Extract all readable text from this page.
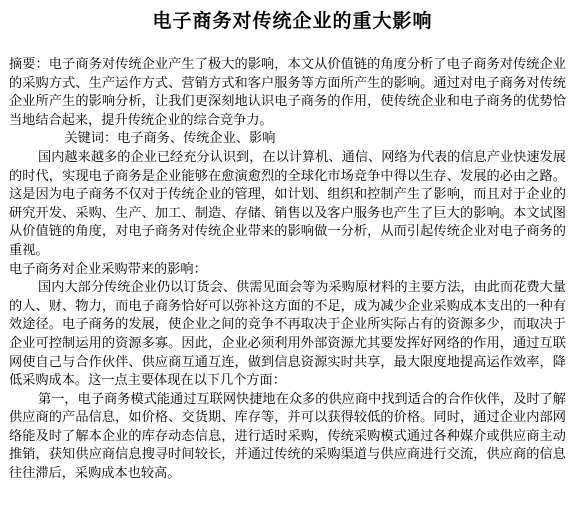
电子商务对传统企业的重大影响

摘要：电子商务对传统企业产生了极大的影响，本文从价值链的角度分析了电子商务对传统企业的采购方式、生产运作方式、营销方式和客户服务等方面所产生的影响。通过对电子商务对传统企业所产生的影响分析，让我们更深刻地认识电子商务的作用，使传统企业和电子商务的优势恰当地结合起来，提升传统企业的综合竞争力。

关键词：电子商务、传统企业、影响

国内越来越多的企业已经充分认识到，在以计算机、通信、网络为代表的信息产业快速发展的时代，实现电子商务是企业能够在愈演愈烈的全球化市场竞争中得以生存、发展的必由之路。这是因为电子商务不仅对于传统企业的管理，如计划、组织和控制产生了影响，而且对于企业的研究开发、采购、生产、加工、制造、存储、销售以及客户服务也产生了巨大的影响。本文试图从价值链的角度，对电子商务对传统企业带来的影响做一分析，从而引起传统企业对电子商务的重视。

电子商务对企业采购带来的影响：

国内大部分传统企业仍以订货会、供需见面会等为采购原材料的主要方法，由此而花费大量的人、财、物力，而电子商务恰好可以弥补这方面的不足，成为减少企业采购成本支出的一种有效途径。电子商务的发展，使企业之间的竞争不再取决于企业所实际占有的资源多少，而取决于企业可控制运用的资源多寡。因此，企业必须利用外部资源尤其要发挥好网络的作用，通过互联网使自己与合作伙伴、供应商互通互连，做到信息资源实时共享，最大限度地提高运作效率，降低采购成本。这一点主要体现在以下几个方面：

第一，电子商务模式能通过互联网快捷地在众多的供应商中找到适合的合作伙伴，及时了解供应商的产品信息，如价格、交货期、库存等，并可以获得较低的价格。同时，通过企业内部网络能及时了解本企业的库存动态信息，进行适时采购，传统采购模式通过各种媒介或供应商主动推销，获知供应商信息搜寻时间较长，并通过传统的采购渠道与供应商进行交流，供应商的信息往往滞后，采购成本也较高。
